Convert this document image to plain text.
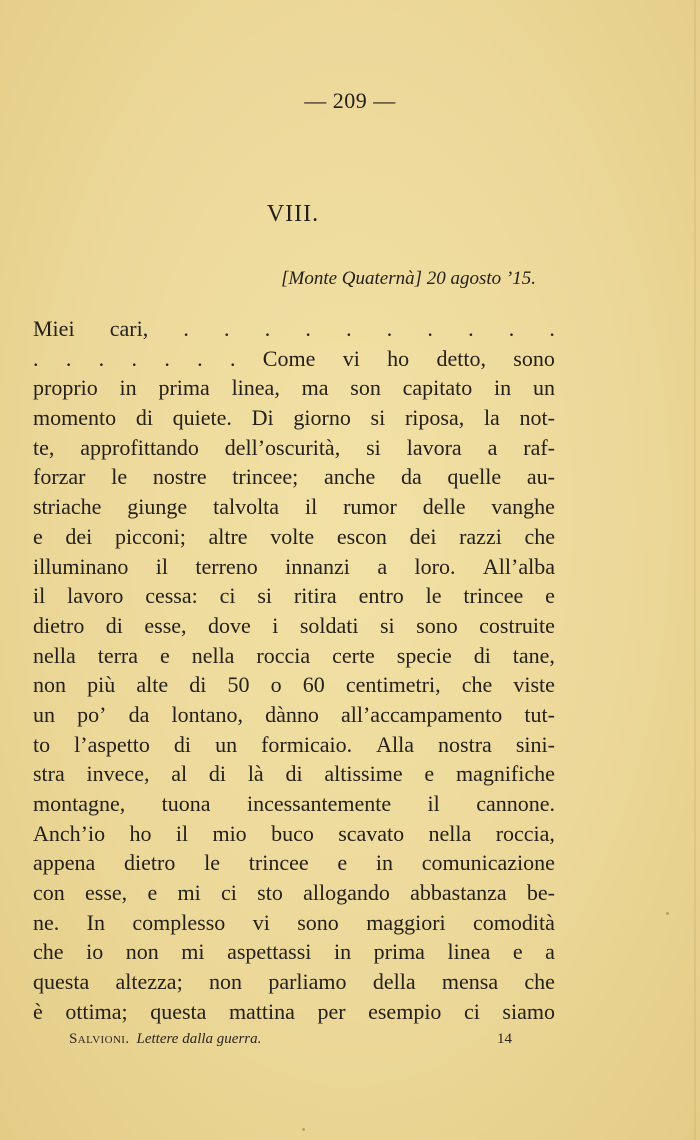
— 209 —
VIII.
[Monte Quaternà] 20 agosto ’15.
Miei cari, . . . . . . . . . .
. . . . . . . Come vi ho detto, sono
proprio in prima linea, ma son capitato in un
momento di quiete. Di giorno si riposa, la not-
te, approfittando dell’oscurità, si lavora a raf-
forzar le nostre trincee; anche da quelle au-
striache giunge talvolta il rumor delle vanghe
e dei picconi; altre volte escon dei razzi che
illuminano il terreno innanzi a loro. All’alba
il lavoro cessa: ci si ritira entro le trincee e
dietro di esse, dove i soldati si sono costruite
nella terra e nella roccia certe specie di tane,
non più alte di 50 o 60 centimetri, che viste
un po’ da lontano, dànno all’accampamento tut-
to l’aspetto di un formicaio. Alla nostra sini-
stra invece, al di là di altissime e magnifiche
montagne, tuona incessantemente il cannone.
Anch’io ho il mio buco scavato nella roccia,
appena dietro le trincee e in comunicazione
con esse, e mi ci sto allogando abbastanza be-
ne. In complesso vi sono maggiori comodità
che io non mi aspettassi in prima linea e a
questa altezza; non parliamo della mensa che
è ottima; questa mattina per esempio ci siamo
Salvioni. Lettere dalla guerra.	14
